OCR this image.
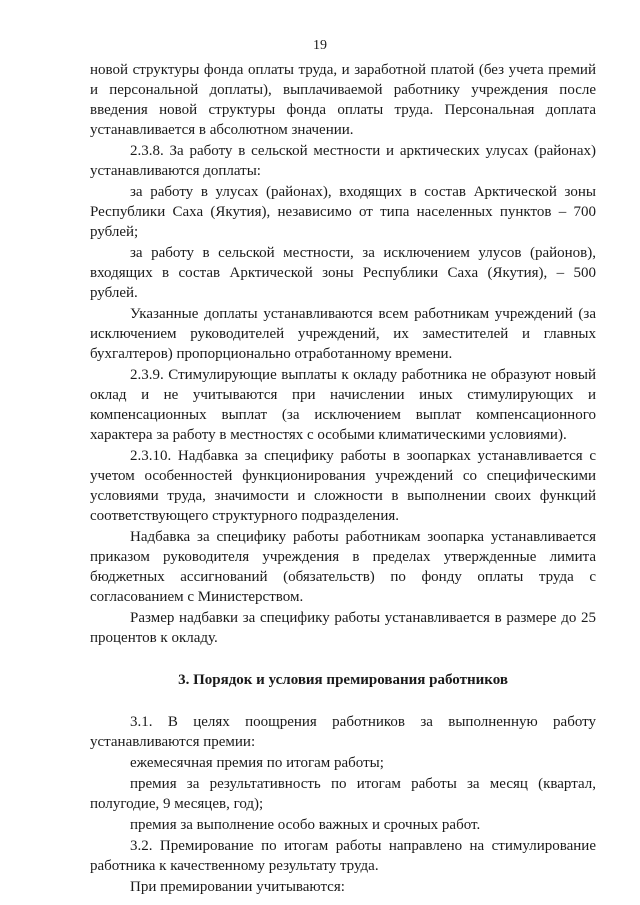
19

новой структуры фонда оплаты труда, и заработной платой (без учета премий и персональной доплаты), выплачиваемой работнику учреждения после введения новой структуры фонда оплаты труда. Персональная доплата устанавливается в абсолютном значении.

2.3.8. За работу в сельской местности и арктических улусах (районах) устанавливаются доплаты:

за работу в улусах (районах), входящих в состав Арктической зоны Республики Саха (Якутия), независимо от типа населенных пунктов – 700 рублей;

за работу в сельской местности, за исключением улусов (районов), входящих в состав Арктической зоны Республики Саха (Якутия), – 500 рублей.

Указанные доплаты устанавливаются всем работникам учреждений (за исключением руководителей учреждений, их заместителей и главных бухгалтеров) пропорционально отработанному времени.

2.3.9. Стимулирующие выплаты к окладу работника не образуют новый оклад и не учитываются при начислении иных стимулирующих и компенсационных выплат (за исключением выплат компенсационного характера за работу в местностях с особыми климатическими условиями).

2.3.10. Надбавка за специфику работы в зоопарках устанавливается с учетом особенностей функционирования учреждений со специфическими условиями труда, значимости и сложности в выполнении своих функций соответствующего структурного подразделения.

Надбавка за специфику работы работникам зоопарка устанавливается приказом руководителя учреждения в пределах утвержденные лимита бюджетных ассигнований (обязательств) по фонду оплаты труда с согласованием с Министерством.

Размер надбавки за специфику работы устанавливается в размере до 25 процентов к окладу.

3. Порядок и условия премирования работников

3.1. В целях поощрения работников за выполненную работу устанавливаются премии:

ежемесячная премия по итогам работы;

премия за результативность по итогам работы за месяц (квартал, полугодие, 9 месяцев, год);

премия за выполнение особо важных и срочных работ.

3.2. Премирование по итогам работы направлено на стимулирование работника к качественному результату труда.

При премировании учитываются:
